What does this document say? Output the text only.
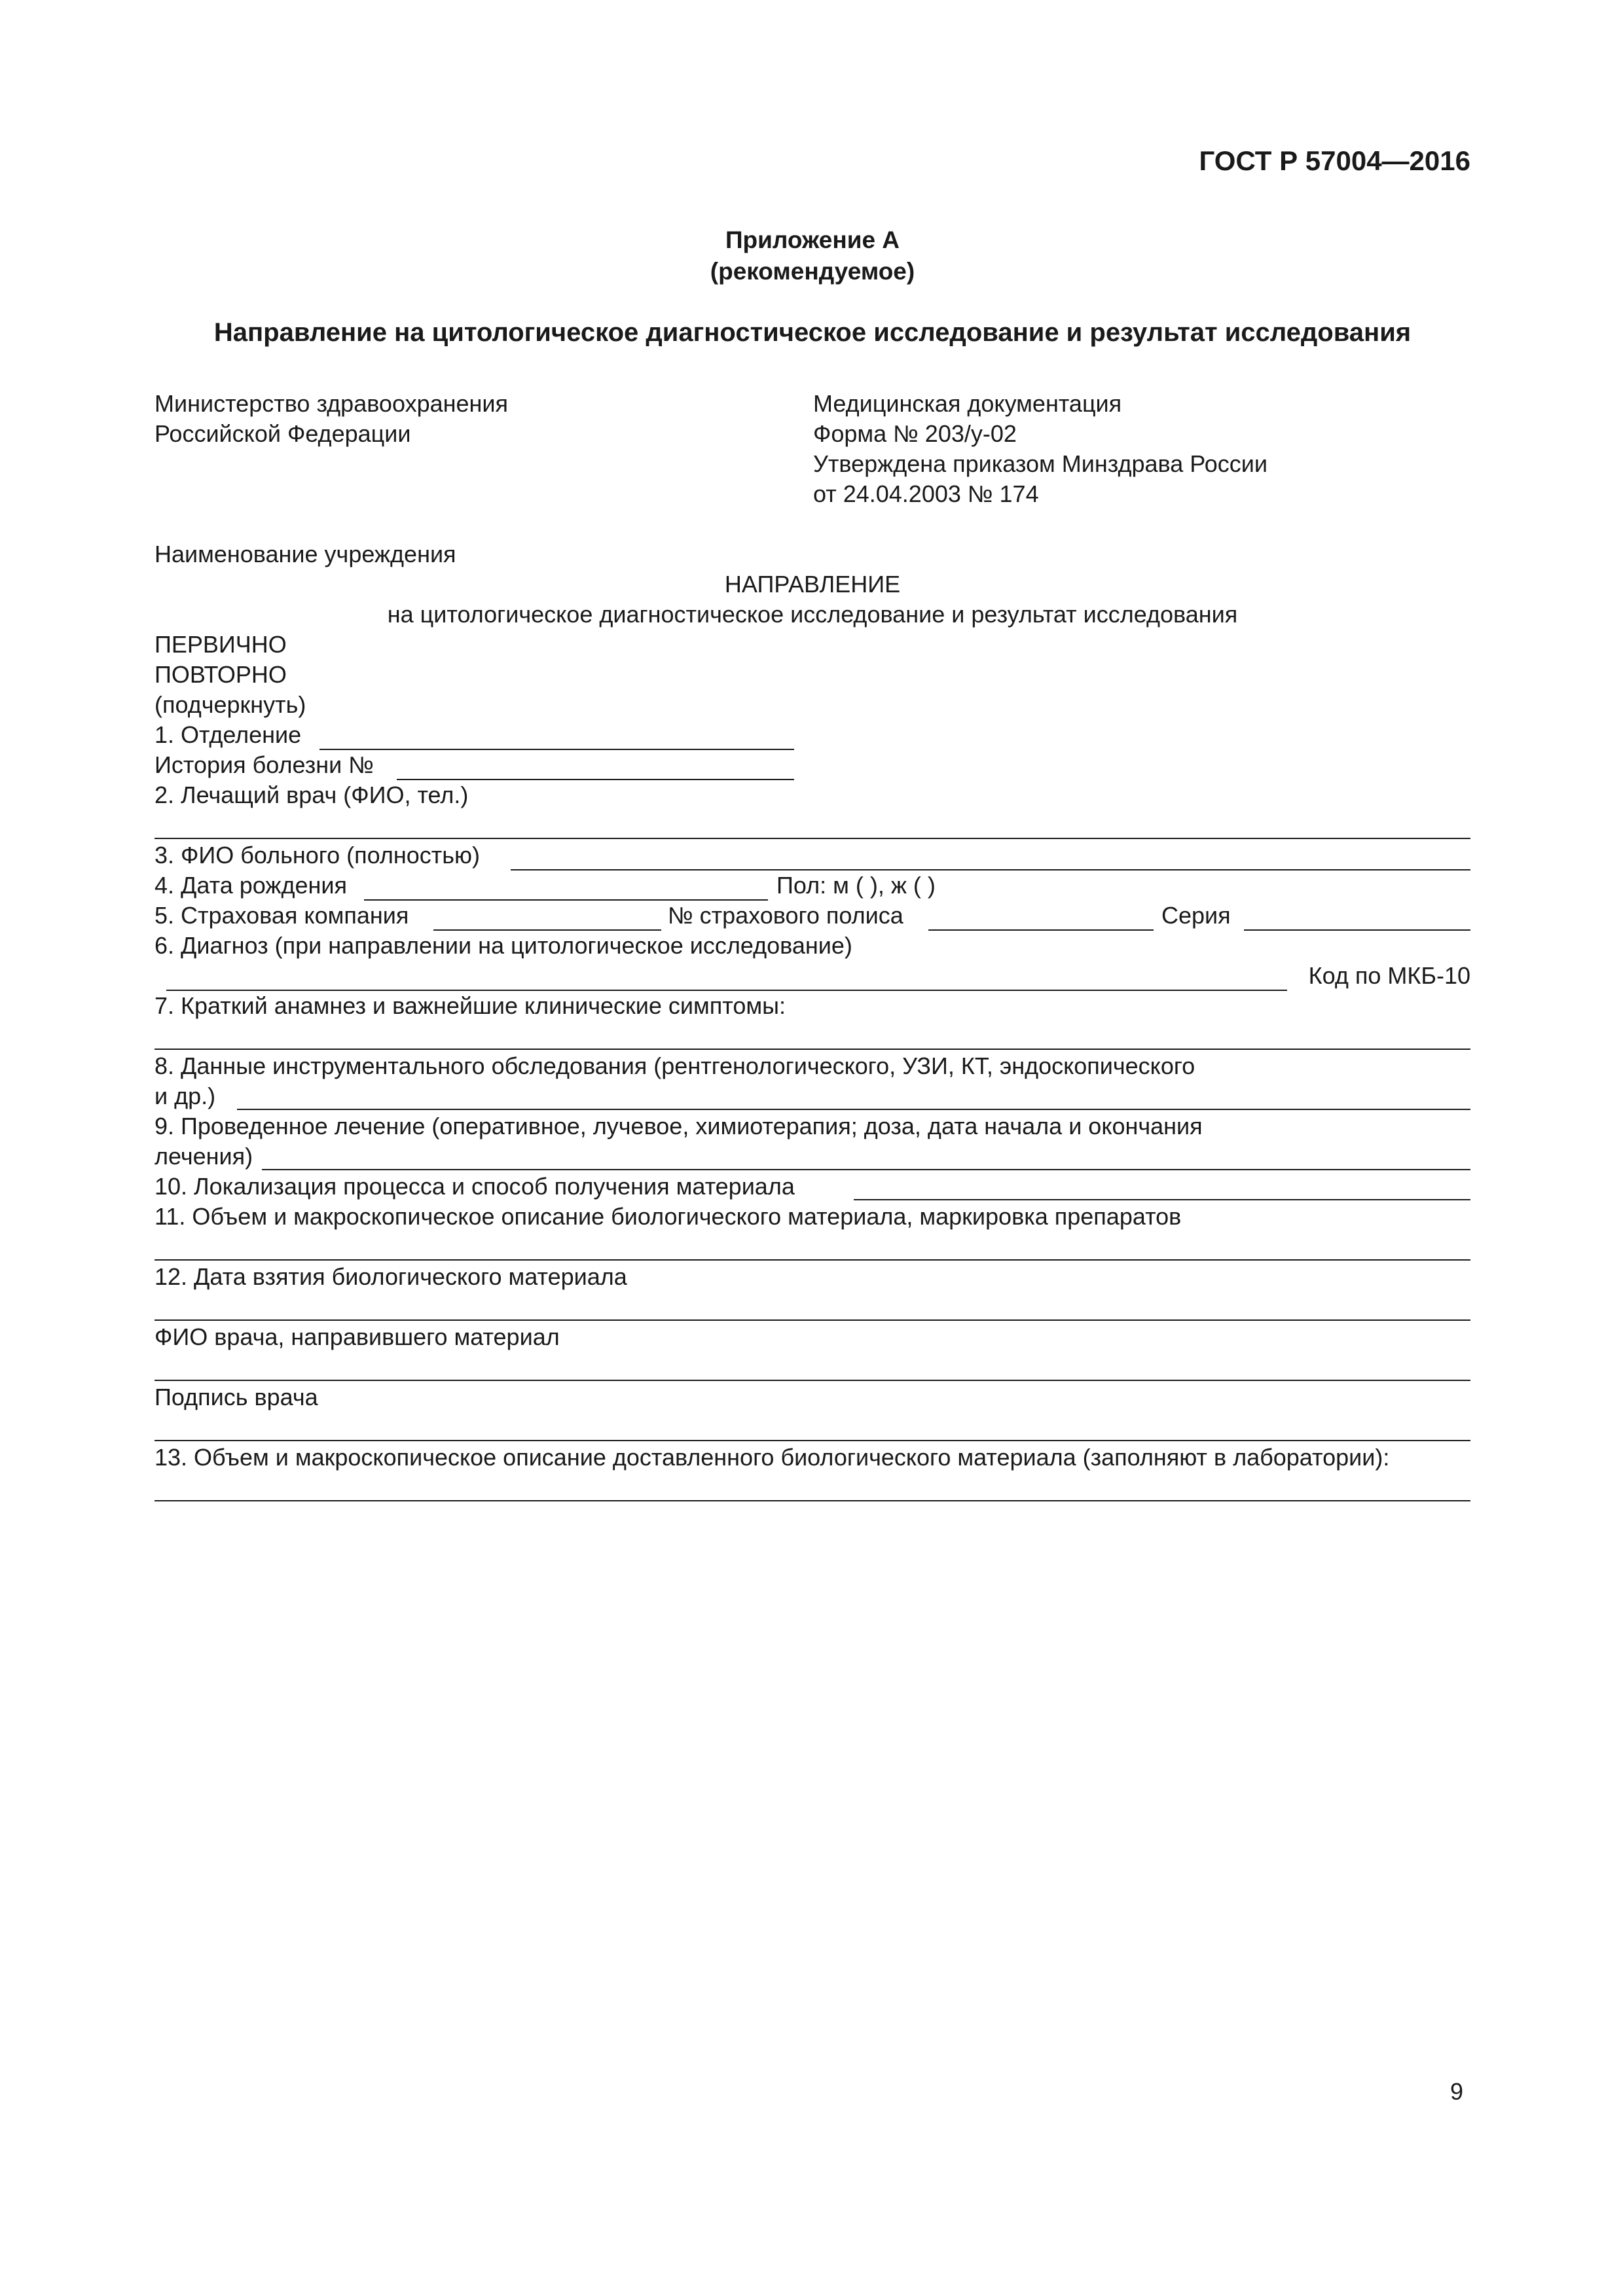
ГОСТ Р 57004—2016
Приложение А
(рекомендуемое)
Направление на цитологическое диагностическое исследование и результат исследования
Министерство здравоохранения
Российской Федерации
Медицинская документация
Форма № 203/у-02
Утверждена приказом Минздрава России
от 24.04.2003 № 174
Наименование учреждения
НАПРАВЛЕНИЕ
на цитологическое диагностическое исследование и результат исследования
ПЕРВИЧНО
ПОВТОРНО
(подчеркнуть)
1. Отделение
История болезни №
2. Лечащий врач (ФИО, тел.)
3. ФИО больного (полностью)
4. Дата рождения	Пол: м ( ), ж ( )
5. Страховая компания	№ страхового полиса	Серия
6. Диагноз (при направлении на цитологическое исследование)
Код по МКБ-10
7. Краткий анамнез и важнейшие клинические симптомы:
8. Данные инструментального обследования (рентгенологического, УЗИ, КТ, эндоскопического
и др.)
9. Проведенное лечение (оперативное, лучевое, химиотерапия; доза, дата начала и окончания
лечения)
10. Локализация процесса и способ получения материала
11. Объем и макроскопическое описание биологического материала, маркировка препаратов
12. Дата взятия биологического материала
ФИО врача, направившего материал
Подпись врача
13. Объем и макроскопическое описание доставленного биологического материала (заполняют в лаборатории):
9
